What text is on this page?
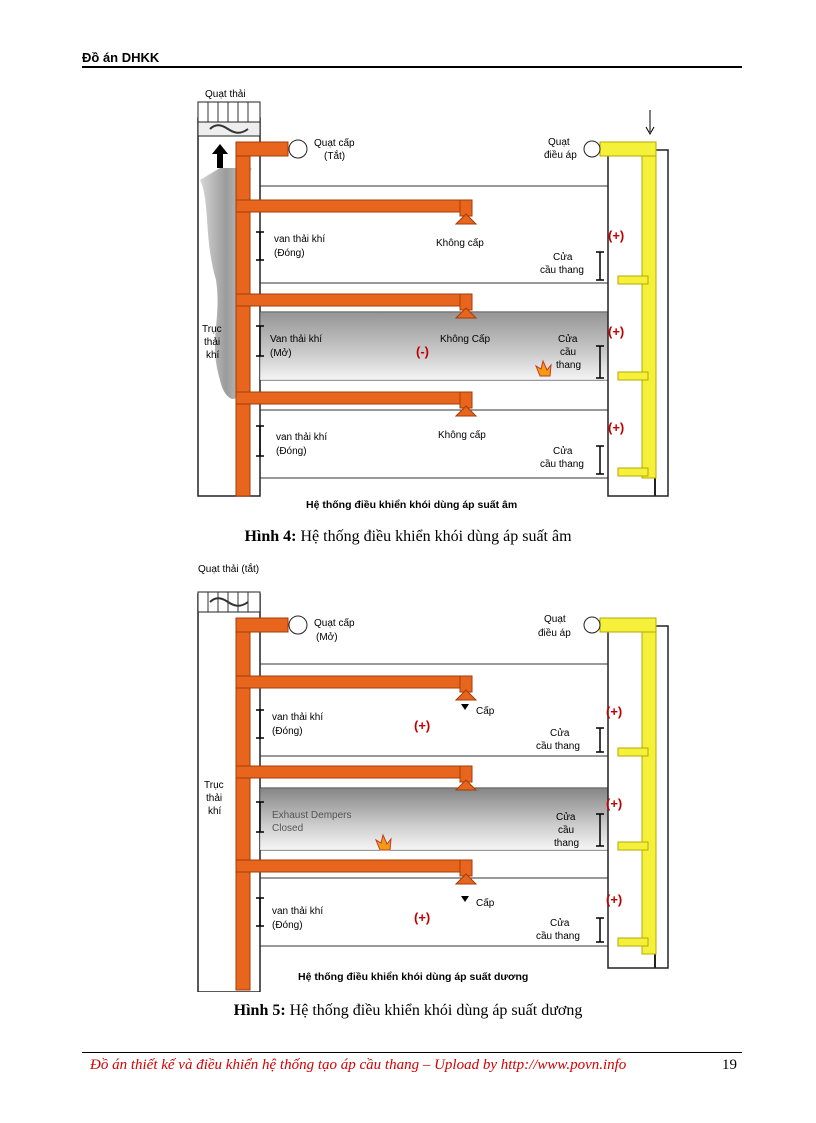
Đồ án DHKK
Quạt thải
Quạt
điều áp
Quạt cấp
(Tắt)
Không cấp
Không Cấp
Không cấp
van thải khí
(Đóng)
Van thải khí
(Mở)
van thải khí
(Đóng)
Trục
thải
khí
Cửa
cầu thang
Cửa
cầu
thang
Cửa
cầu thang
(+)
(+)
(+)
(-)
Hệ thống điều khiển khói dùng áp suất âm
Hình 4: Hệ thống điều khiển khói dùng áp suất âm
Quạt thải (tắt)
Quạt
điều áp
Quạt cấp
(Mở)
Cấp
Cấp
van thải khí
(Đóng)
Exhaust Dempers
Closed
van thải khí
(Đóng)
Trục
thải
khí
Cửa
cầu thang
Cửa
cầu
thang
Cửa
cầu thang
(+)
(+)
(+)
(+)
(+)
Hệ thống điều khiển khói dùng áp suất dương
Hình 5: Hệ thống điều khiển khói dùng áp suất dương
Đồ án thiết kế và điều khiển hệ thống tạo áp cầu thang – Upload by http://www.povn.info	19
